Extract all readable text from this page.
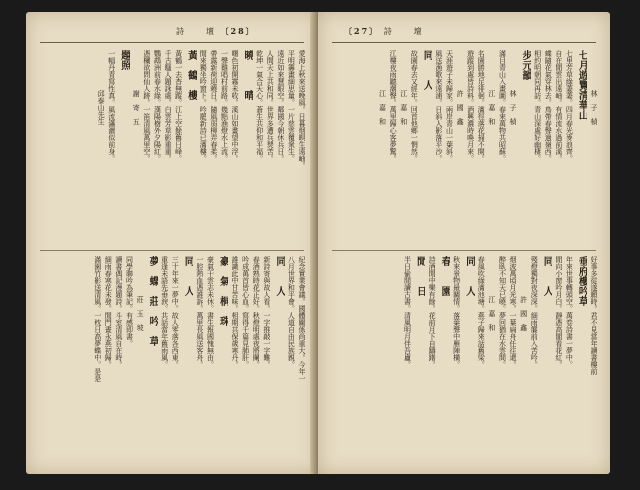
詩　　壇 〔28〕
愛海上秋來送晚風。日暮烟暝生遠岫。
平明籌畫細思量。一片慈雲覆衆生。
遠近如來慧眼空。鄰國今朝休兵日。
人間天上共和同。世界多遭兵燹苦。
乾坤一氣合天心。蒼生共仰和平福。
曉　　　晴
曙色初開霧未收。溪山如畫望中浮。
一聲雞唱村前路。幾點漁燈水上流。
帶露新荷迎曉日。隨風弱柳弄春柔。
閒來獨坐吟窗下。吟罷新詩已滿樓。
黃　鶴　樓
黃鶴一去杳無蹤。江上空餘舊日峰。
千古騷人題詠處。白雲芳草影重重。
鸚鵡洲前春水綠。漢陽樹外夕陽紅。
憑欄欲問仙人跡。一笛清風萬里空。
謝　寄　五
題照
一幅丹青寫性真。風流瀟灑似前身。
邱泰山先生
紀念實業會議。國體關係尚重大。今年一
八月世界和平會。人道自由民族親。
同　　人
新詩寄與故人看。一字推敲一字難。
春酒熟時花正好。秋燈明處夜將闌。
吟成萬首皆心血。寫得千篇見肺肝。
誰識此中甘苦味。相期共保歲寒丹。
豪　氣　桐　珠
豪氣干雲志未休。書生報國愧無由。
一腔熱血憑誰訴。萬里長風送客舟。
同　　人
三十年來一夢中。故人零落各西東。
重逢未語先垂淚。共話當年舊雨風。
夢　蝶　莊　吟　草
莊　玉　坡
同學聯吟為筆記。有感即書。
讀書偶記漫題詩。斗室清風自在時。
細雨春寒花未發。閒門晝永燕初歸。
滿園竹影送清風。一枕日高夢蝶中。是是
〔27〕 詩　　壇
林　子　楨
七月遊覽清華山
七里芳草綠萋萋。四月春光麥浪齊。
自在閒雲出遠岫。有情流水過前溪。
蝶隨花氣穿林去。鳥帶春聲過嶺西。
相約明朝同再訪。青山深處好幽棲。
步元韻
林　子　楨
滿目青山入畫圖。春來萬物共昭蘇。
江　嘉　和
名園勝地足徘徊。滿徑落花掃不開。
遊蹤到處皆詩料。酒興濃時喚月來。
許　國　鑫
天涯遊子未歸家。兩岸青山一葉斜。
風送漁歌來遠浦。日斜人影落平沙。
同　　人
故園春去又經年。回首他鄉一惘然。
江　嘉　和
江樓夜雨聽潮聲。萬里歸心客夢驚。
江　嘉　和
好事多從遂願時。君不見當年讀書樓前
垂府樓吟草
年來世事轉頭空。萬卷詩書一夢中。
閒向小窗吟月白。靜憑高閣看花紅。
同　　人
殘燈獨對夜深深。細雨簾前入苦吟。
許　國　鑫
烟波萬頃月光寒。一葉扁舟任往還。
醉臥不知天已曉。夢回猶在水雲間。
江　嘉　和
春風吹綠滿池塘。燕子歸來話舊梁。
同　　人
秋來景物最關情。落葉聲中雁陣橫。
春　　園
詩酒閒中樂有餘。花前月下自躊躇。
閒　　日
半日偷閒讀古書。清風明月伴吾廬。
